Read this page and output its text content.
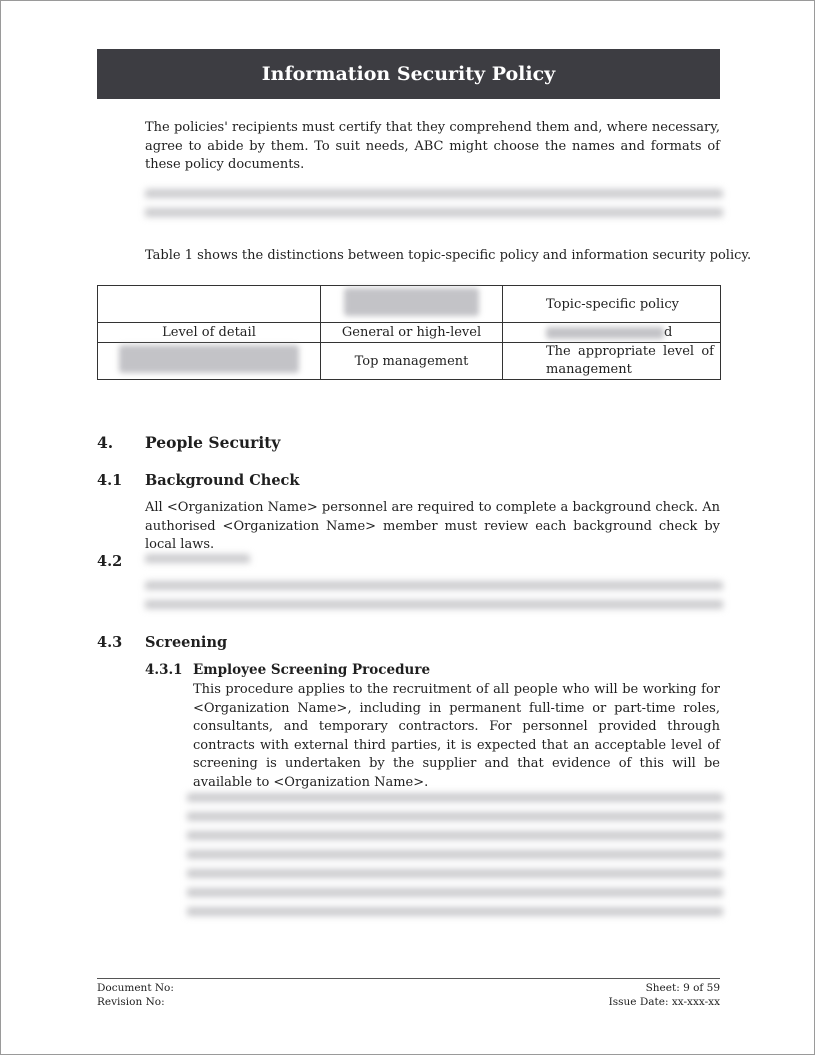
Information Security Policy
The policies' recipients must certify that they comprehend them and, where necessary, agree to abide by them. To suit needs, ABC might choose the names and formats of these policy documents.
Table 1 shows the distinctions between topic-specific policy and information security policy.
		Topic-specific policy
Level of detail	General or high-level	d
	Top management	The appropriate level of management
4. People Security
4.1 Background Check
All <Organization Name> personnel are required to complete a background check. An authorised <Organization Name> member must review each background check by local laws.
4.2
4.3 Screening
4.3.1 Employee Screening Procedure
This procedure applies to the recruitment of all people who will be working for <Organization Name>, including in permanent full-time or part-time roles, consultants, and temporary contractors. For personnel provided through contracts with external third parties, it is expected that an acceptable level of screening is undertaken by the supplier and that evidence of this will be available to <Organization Name>.
Document No:
Revision No:
Sheet: 9 of 59
Issue Date: xx-xxx-xx
